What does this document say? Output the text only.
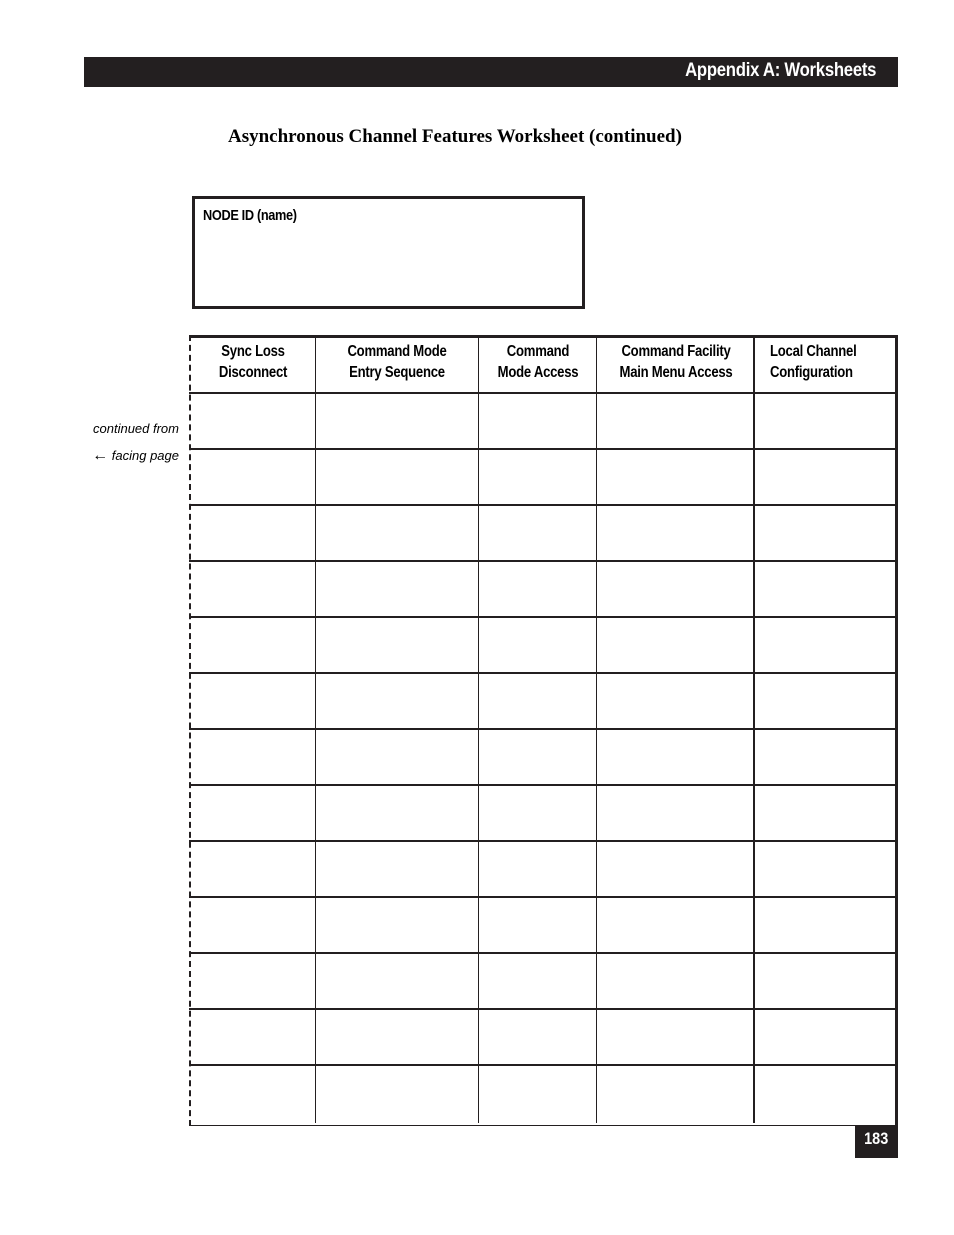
Appendix A: Worksheets
Asynchronous Channel Features Worksheet (continued)
NODE ID (name)
continued from
← facing page
Sync Loss
Disconnect
Command Mode
Entry Sequence
Command
Mode Access
Command Facility
Main Menu Access
Local Channel
Configuration
183
